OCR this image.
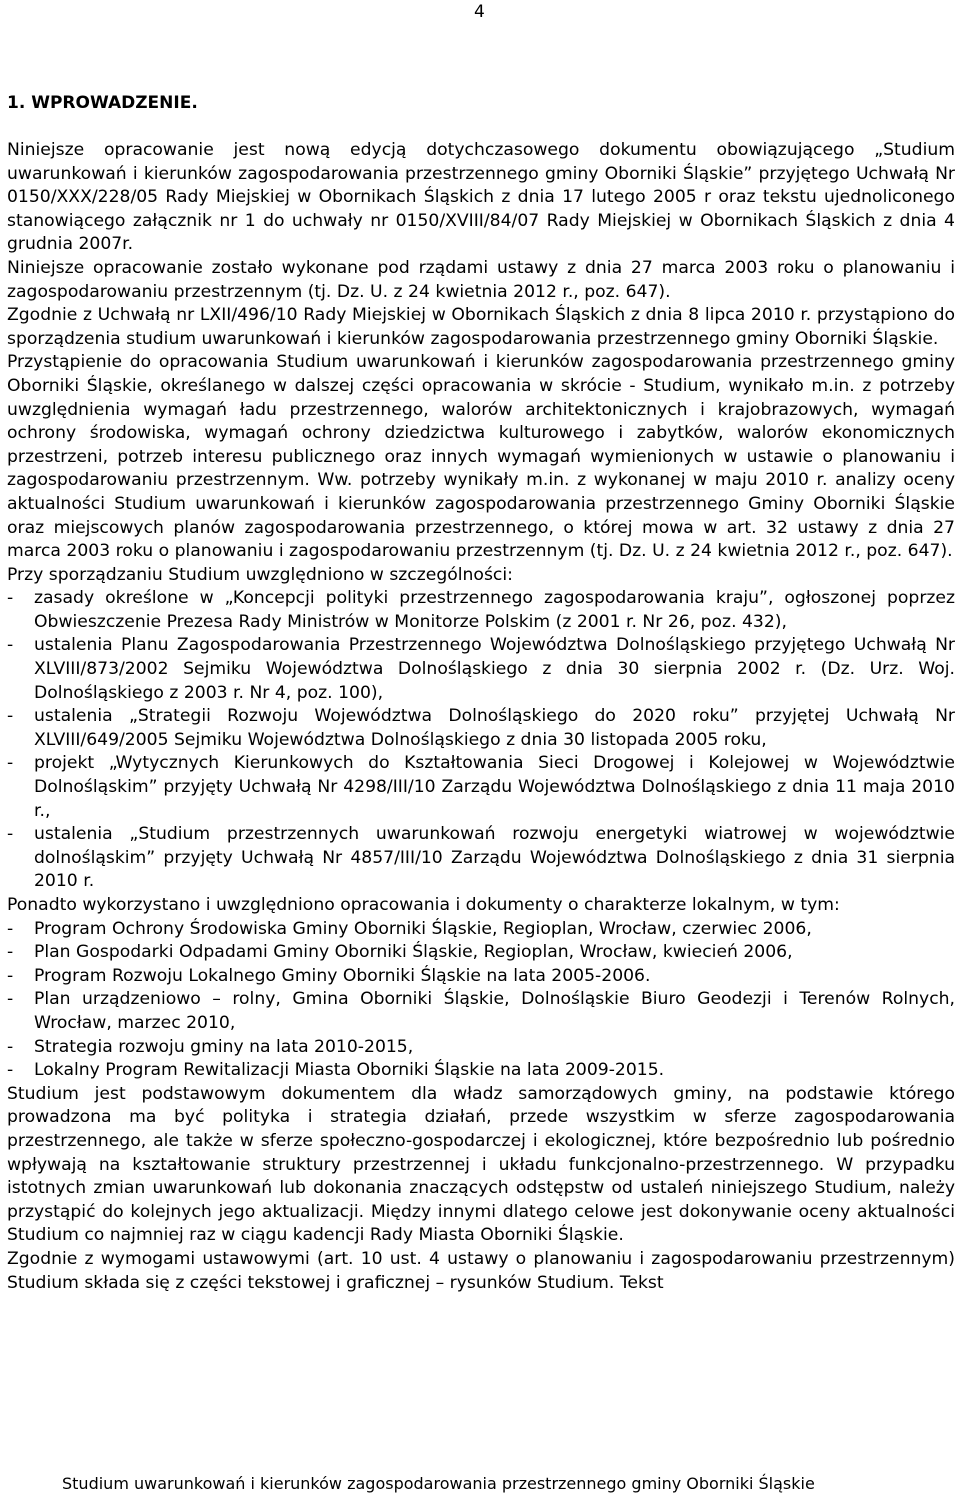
4
1. WPROWADZENIE.

Niniejsze opracowanie jest nową edycją dotychczasowego dokumentu obowiązującego „Studium uwarunkowań i kierunków zagospodarowania przestrzennego gminy Oborniki Śląskie” przyjętego Uchwałą Nr 0150/XXX/228/05 Rady Miejskiej w Obornikach Śląskich z dnia 17 lutego 2005 r oraz tekstu ujednoliconego stanowiącego załącznik nr 1 do uchwały nr 0150/XVIII/84/07 Rady Miejskiej w Obornikach Śląskich z dnia 4 grudnia 2007r.

Niniejsze opracowanie zostało wykonane pod rządami ustawy z dnia 27 marca 2003 roku o planowaniu i zagospodarowaniu przestrzennym (tj. Dz. U. z 24 kwietnia 2012 r., poz. 647).

Zgodnie z Uchwałą nr LXII/496/10 Rady Miejskiej w Obornikach Śląskich z dnia 8 lipca 2010 r. przystąpiono do sporządzenia studium uwarunkowań i kierunków zagospodarowania przestrzennego gminy Oborniki Śląskie.

Przystąpienie do opracowania Studium uwarunkowań i kierunków zagospodarowania przestrzennego gminy Oborniki Śląskie, określanego w dalszej części opracowania w skrócie - Studium, wynikało m.in. z potrzeby uwzględnienia wymagań ładu przestrzennego, walorów architektonicznych i krajobrazowych, wymagań ochrony środowiska, wymagań ochrony dziedzictwa kulturowego i zabytków, walorów ekonomicznych przestrzeni, potrzeb interesu publicznego oraz innych wymagań wymienionych w ustawie o planowaniu i zagospodarowaniu przestrzennym. Ww. potrzeby wynikały m.in. z wykonanej w maju 2010 r. analizy oceny aktualności Studium uwarunkowań i kierunków zagospodarowania przestrzennego Gminy Oborniki Śląskie oraz miejscowych planów zagospodarowania przestrzennego, o której mowa w art. 32 ustawy z dnia 27 marca 2003 roku o planowaniu i zagospodarowaniu przestrzennym (tj. Dz. U. z 24 kwietnia 2012 r., poz. 647).

Przy sporządzaniu Studium uwzględniono w szczególności:

-	zasady określone w „Koncepcji polityki przestrzennego zagospodarowania kraju”, ogłoszonej poprzez Obwieszczenie Prezesa Rady Ministrów w Monitorze Polskim (z 2001 r. Nr 26, poz. 432),
-	ustalenia Planu Zagospodarowania Przestrzennego Województwa Dolnośląskiego przyjętego Uchwałą Nr XLVIII/873/2002 Sejmiku Województwa Dolnośląskiego z dnia 30 sierpnia 2002 r. (Dz. Urz. Woj. Dolnośląskiego z 2003 r. Nr 4, poz. 100),
-	ustalenia „Strategii Rozwoju Województwa Dolnośląskiego do 2020 roku” przyjętej Uchwałą Nr XLVIII/649/2005 Sejmiku Województwa Dolnośląskiego z dnia 30 listopada 2005 roku,
-	projekt „Wytycznych Kierunkowych do Kształtowania Sieci Drogowej i Kolejowej w Województwie Dolnośląskim” przyjęty Uchwałą Nr 4298/III/10 Zarządu Województwa Dolnośląskiego z dnia 11 maja 2010 r.,
-	ustalenia „Studium przestrzennych uwarunkowań rozwoju energetyki wiatrowej w województwie dolnośląskim” przyjęty Uchwałą Nr 4857/III/10 Zarządu Województwa Dolnośląskiego z dnia 31 sierpnia 2010 r.

Ponadto wykorzystano i uwzględniono opracowania i dokumenty o charakterze lokalnym, w tym:

-	Program Ochrony Środowiska Gminy Oborniki Śląskie, Regioplan, Wrocław, czerwiec 2006,
-	Plan Gospodarki Odpadami Gminy Oborniki Śląskie, Regioplan, Wrocław, kwiecień 2006,
-	Program Rozwoju Lokalnego Gminy Oborniki Śląskie na lata 2005-2006.
-	Plan urządzeniowo – rolny, Gmina Oborniki Śląskie, Dolnośląskie Biuro Geodezji i Terenów Rolnych, Wrocław, marzec 2010,
-	Strategia rozwoju gminy na lata 2010-2015,
-	Lokalny Program Rewitalizacji Miasta Oborniki Śląskie na lata 2009-2015.

Studium jest podstawowym dokumentem dla władz samorządowych gminy, na podstawie którego prowadzona ma być polityka i strategia działań, przede wszystkim w sferze zagospodarowania przestrzennego, ale także w sferze społeczno-gospodarczej i ekologicznej, które bezpośrednio lub pośrednio wpływają na kształtowanie struktury przestrzennej i układu funkcjonalno-przestrzennego. W przypadku istotnych zmian uwarunkowań lub dokonania znaczących odstępstw od ustaleń niniejszego Studium, należy przystąpić do kolejnych jego aktualizacji. Między innymi dlatego celowe jest dokonywanie oceny aktualności Studium co najmniej raz w ciągu kadencji Rady Miasta Oborniki Śląskie.

Zgodnie z wymogami ustawowymi (art. 10 ust. 4 ustawy o planowaniu i zagospodarowaniu przestrzennym) Studium składa się z części tekstowej i graficznej – rysunków Studium. Tekst

Studium uwarunkowań i kierunków zagospodarowania przestrzennego gminy Oborniki Śląskie
